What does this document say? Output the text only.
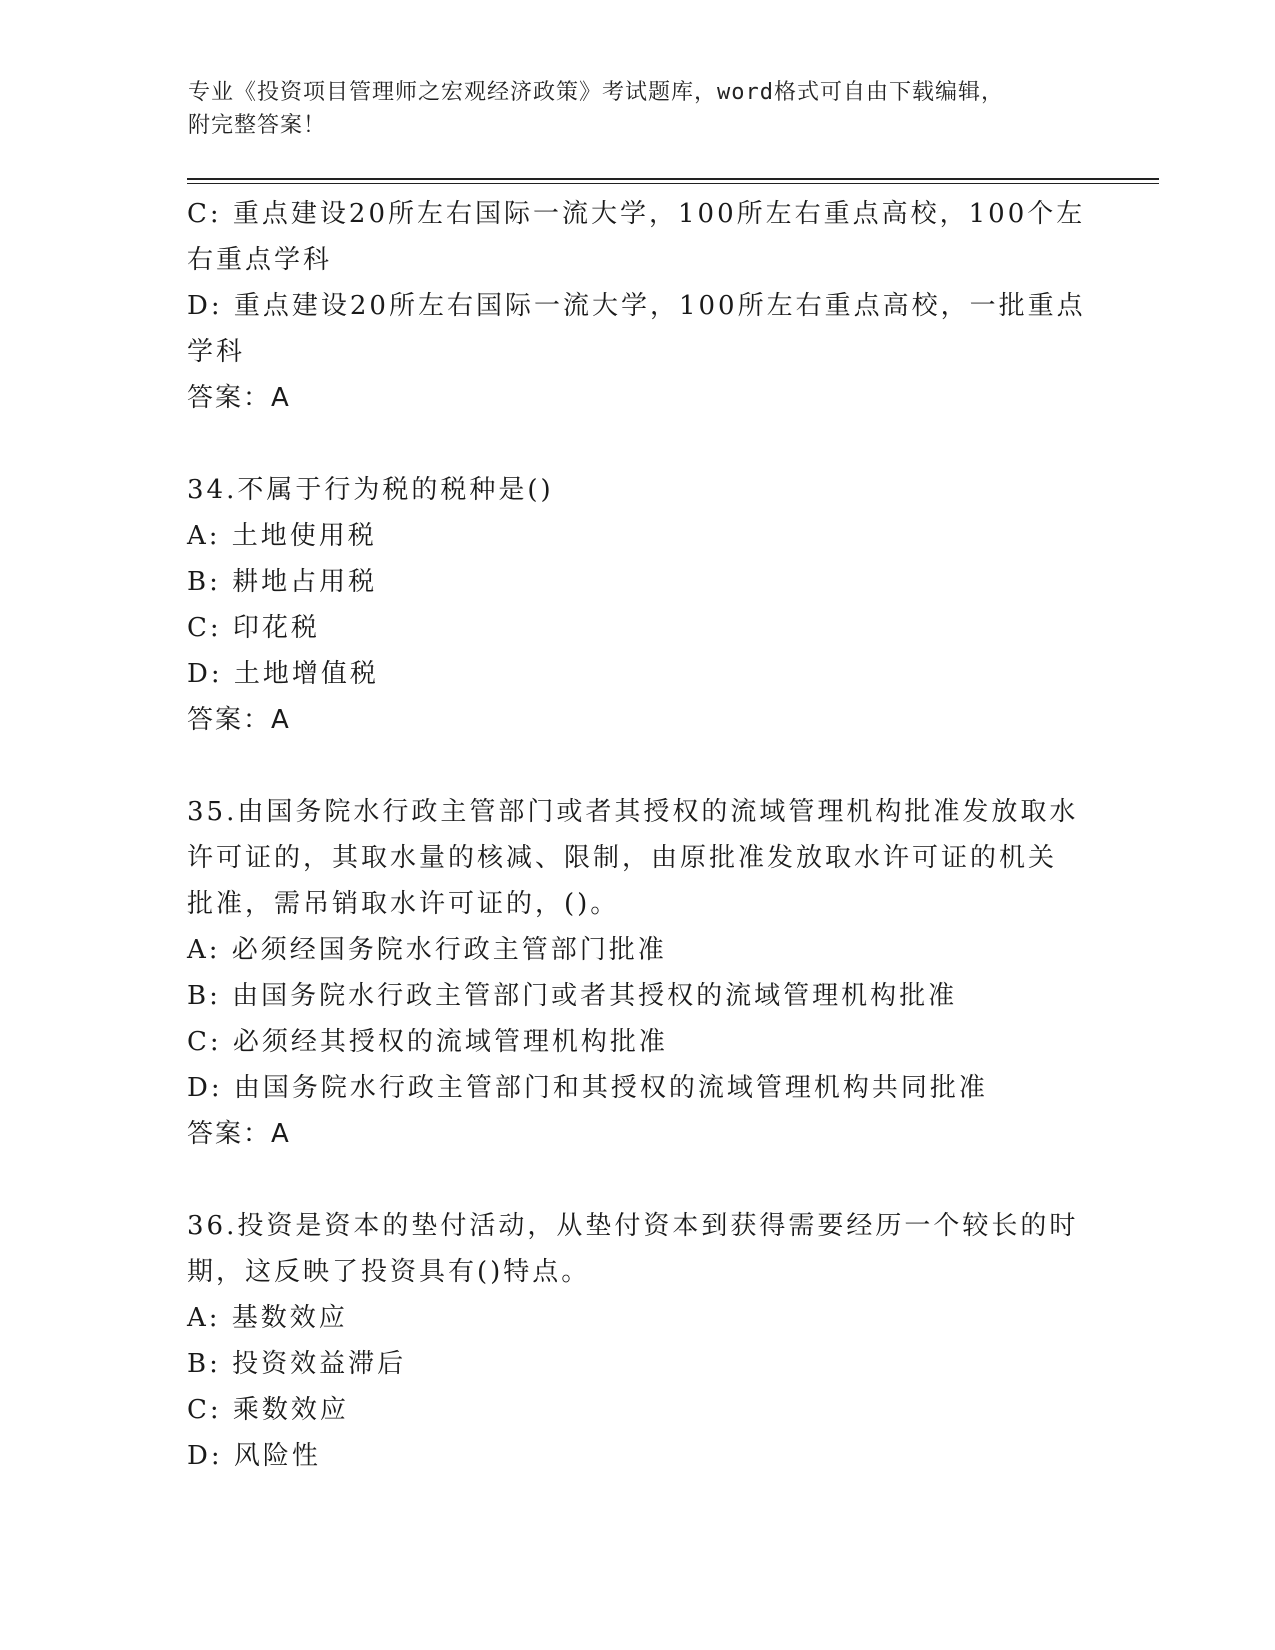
专业《投资项目管理师之宏观经济政策》考试题库，word格式可自由下载编辑，
附完整答案！
C: 重点建设20所左右国际一流大学，100所左右重点高校，100个左
右重点学科
D: 重点建设20所左右国际一流大学，100所左右重点高校，一批重点
学科
答案：A
34.不属于行为税的税种是()
A: 土地使用税
B: 耕地占用税
C: 印花税
D: 土地增值税
答案：A
35.由国务院水行政主管部门或者其授权的流域管理机构批准发放取水
许可证的，其取水量的核减、限制，由原批准发放取水许可证的机关
批准，需吊销取水许可证的，()。
A: 必须经国务院水行政主管部门批准
B: 由国务院水行政主管部门或者其授权的流域管理机构批准
C: 必须经其授权的流域管理机构批准
D: 由国务院水行政主管部门和其授权的流域管理机构共同批准
答案：A
36.投资是资本的垫付活动，从垫付资本到获得需要经历一个较长的时
期，这反映了投资具有()特点。
A: 基数效应
B: 投资效益滞后
C: 乘数效应
D: 风险性
